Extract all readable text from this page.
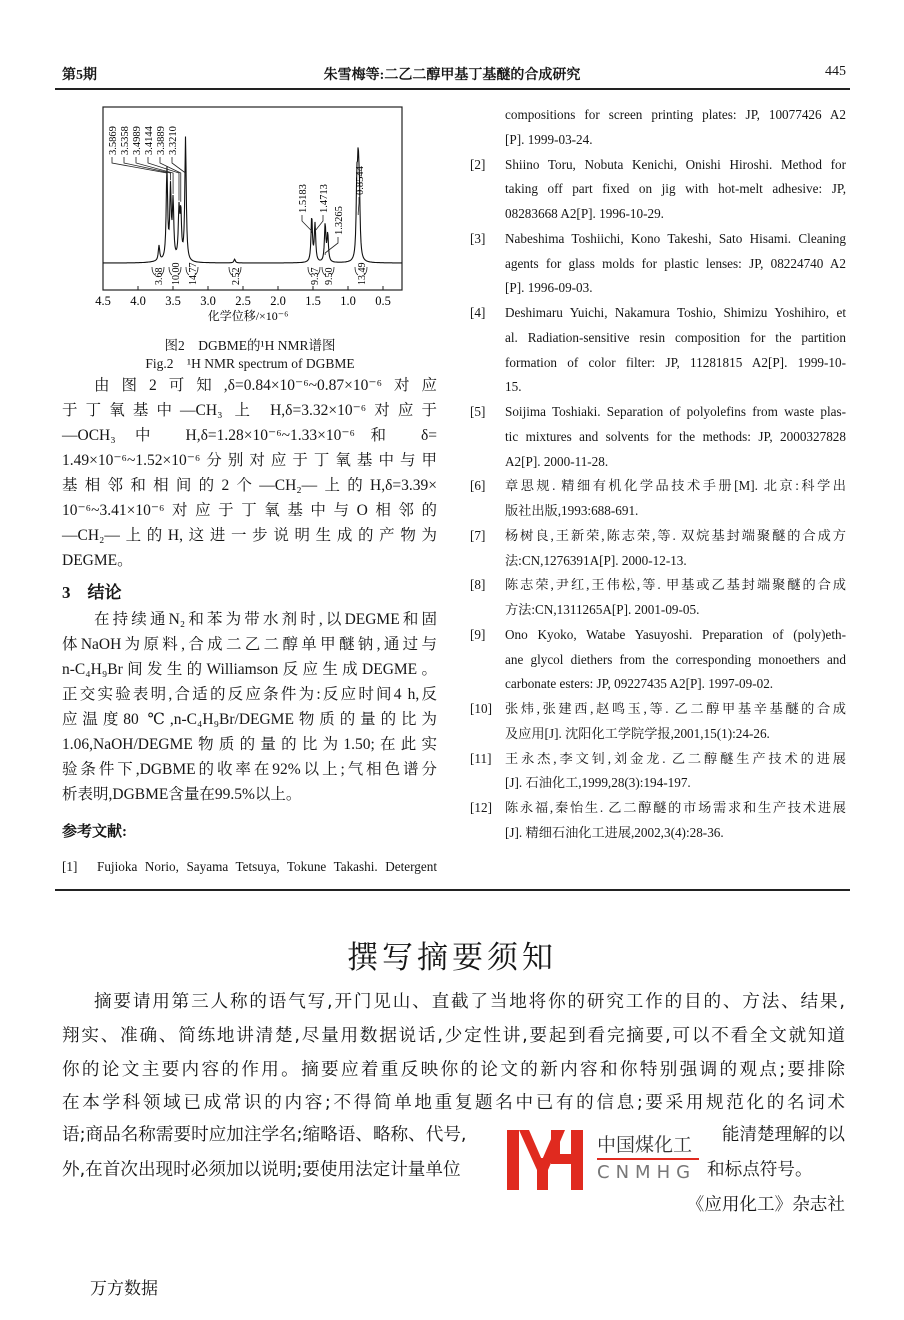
第5期	朱雪梅等:二乙二醇甲基丁基醚的合成研究	445
4.5 4.0 3.5 3.0 2.5 2.0 1.5 1.0 0.5
化学位移/×10⁻⁶
3.5869 3.5358 3.4989 3.4144 3.3889 3.3210
1.5183 1.4713
1.3265
0.8544
3.68 10.00 14.77	2.52	9.37 9.50 13.49
图2　DGBME的¹H NMR谱图
Fig.2　¹H NMR spectrum of DGBME
由图2可知,δ=0.84×10⁻⁶~0.87×10⁻⁶对应
于丁氧基中—CH₃ 上 H,δ=3.32×10⁻⁶对应于
—OCH₃ 中 H,δ=1.28×10⁻⁶~1.33×10⁻⁶和 δ=
1.49×10⁻⁶~1.52×10⁻⁶分别对应于丁氧基中与甲
基相邻和相间的2个—CH₂—上的H,δ=3.39×
10⁻⁶~3.41×10⁻⁶对应于丁氧基中与O相邻的
—CH₂—上的H,这进一步说明生成的产物为
DEGME。
3　结论
在持续通N₂和苯为带水剂时,以DEGME和固
体NaOH为原料,合成二乙二醇单甲醚钠,通过与
n-C₄H₉Br间发生的Williamson反应生成DEGME。
正交实验表明,合适的反应条件为:反应时间4 h,反
应温度80 ℃,n-C₄H₉Br/DEGME物质的量的比为
1.06,NaOH/DEGME物质的量的比为1.50;在此实
验条件下,DGBME的收率在92%以上;气相色谱分
析表明,DGBME含量在99.5%以上。
参考文献:
[1] Fujioka Norio, Sayama Tetsuya, Tokune Takashi. Detergent
compositions for screen printing plates: JP, 10077426 A2
[P]. 1999-03-24.
[2] Shiino Toru, Nobuta Kenichi, Onishi Hiroshi. Method for
taking off part fixed on jig with hot-melt adhesive: JP,
08283668 A2[P]. 1996-10-29.
[3] Nabeshima Toshiichi, Kono Takeshi, Sato Hisami. Cleaning
agents for glass molds for plastic lenses: JP, 08224740 A2
[P]. 1996-09-03.
[4] Deshimaru Yuichi, Nakamura Toshio, Shimizu Yoshihiro, et
al. Radiation-sensitive resin composition for the partition
formation of color filter: JP, 11281815 A2[P]. 1999-10-
15.
[5] Soijima Toshiaki. Separation of polyolefins from waste plas-
tic mixtures and solvents for the methods: JP, 2000327828
A2[P]. 2000-11-28.
[6] 章思规. 精细有机化学品技术手册[M]. 北京:科学出
版社出版,1993:688-691.
[7] 杨树良,王新荣,陈志荣,等. 双烷基封端聚醚的合成方
法:CN,1276391A[P]. 2000-12-13.
[8] 陈志荣,尹红,王伟松,等. 甲基或乙基封端聚醚的合成
方法:CN,1311265A[P]. 2001-09-05.
[9] Ono Kyoko, Watabe Yasuyoshi. Preparation of (poly)eth-
ane glycol diethers from the corresponding monoethers and
carbonate esters: JP, 09227435 A2[P]. 1997-09-02.
[10] 张炜,张建西,赵鸣玉,等. 乙二醇甲基辛基醚的合成
及应用[J]. 沈阳化工学院学报,2001,15(1):24-26.
[11] 王永杰,李文钊,刘金龙. 乙二醇醚生产技术的进展
[J]. 石油化工,1999,28(3):194-197.
[12] 陈永福,秦怡生. 乙二醇醚的市场需求和生产技术进展
[J]. 精细石油化工进展,2002,3(4):28-36.
撰写摘要须知
摘要请用第三人称的语气写,开门见山、直截了当地将你的研究工作的目的、方法、结果,
翔实、准确、简练地讲清楚,尽量用数据说话,少定性讲,要起到看完摘要,可以不看全文就知道
你的论文主要内容的作用。摘要应着重反映你的论文的新内容和你特别强调的观点;要排除
在本学科领域已成常识的内容;不得简单地重复题名中已有的信息;要采用规范化的名词术
语;商品名称需要时应加注学名;缩略语、略称、代号,	能清楚理解的以
外,在首次出现时必须加以说明;要使用法定计量单位	和标点符号。
《应用化工》杂志社
中国煤化工
CNMHG
万方数据
